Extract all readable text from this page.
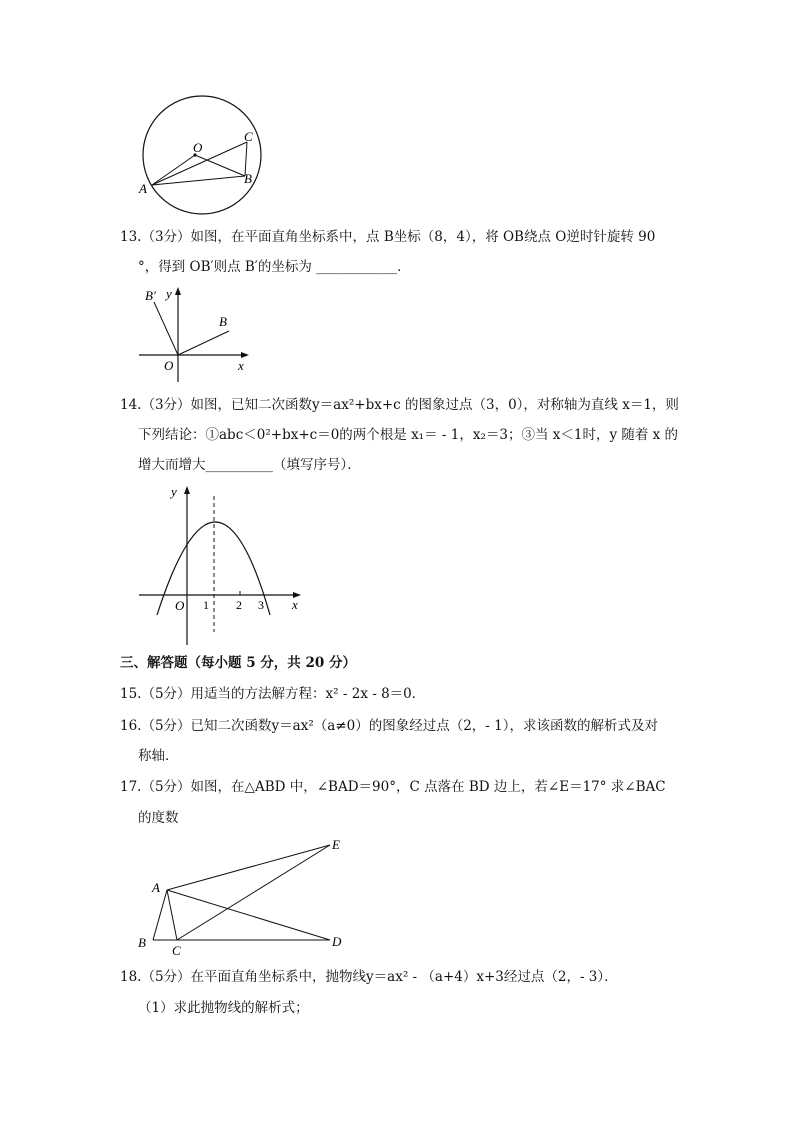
O
C
B
A
13.（3分）如图，在平面直角坐标系中，点 B坐标（8，4），将 OB绕点 O逆时针旋转 90
°，得到 OB′则点 B′的坐标为 ____________．
B′ y
B
O	x
14.（3分）如图，已知二次函数y＝ax²+bx+c 的图象过点（3，0），对称轴为直线 x＝1，则
下列结论：①abc＜0²+bx+c＝0的两个根是 x₁＝ - 1，x₂＝3；③当 x＜1时，y 随着 x 的
增大而增大__________（填写序号）．
y
O 1 2 3 x
三、解答题（每小题 5 分，共 20 分）
15.（5分）用适当的方法解方程：x² - 2x - 8＝0．
16.（5分）已知二次函数y＝ax²（a≠0）的图象经过点（2，- 1），求该函数的解析式及对
称轴．
17.（5分）如图，在△ABD 中，∠BAD＝90°，C 点落在 BD 边上，若∠E＝17° 求∠BAC
的度数
A
B
C
D
E
18.（5分）在平面直角坐标系中，抛物线y＝ax² - （a+4）x+3经过点（2，- 3）．
（1）求此抛物线的解析式；
